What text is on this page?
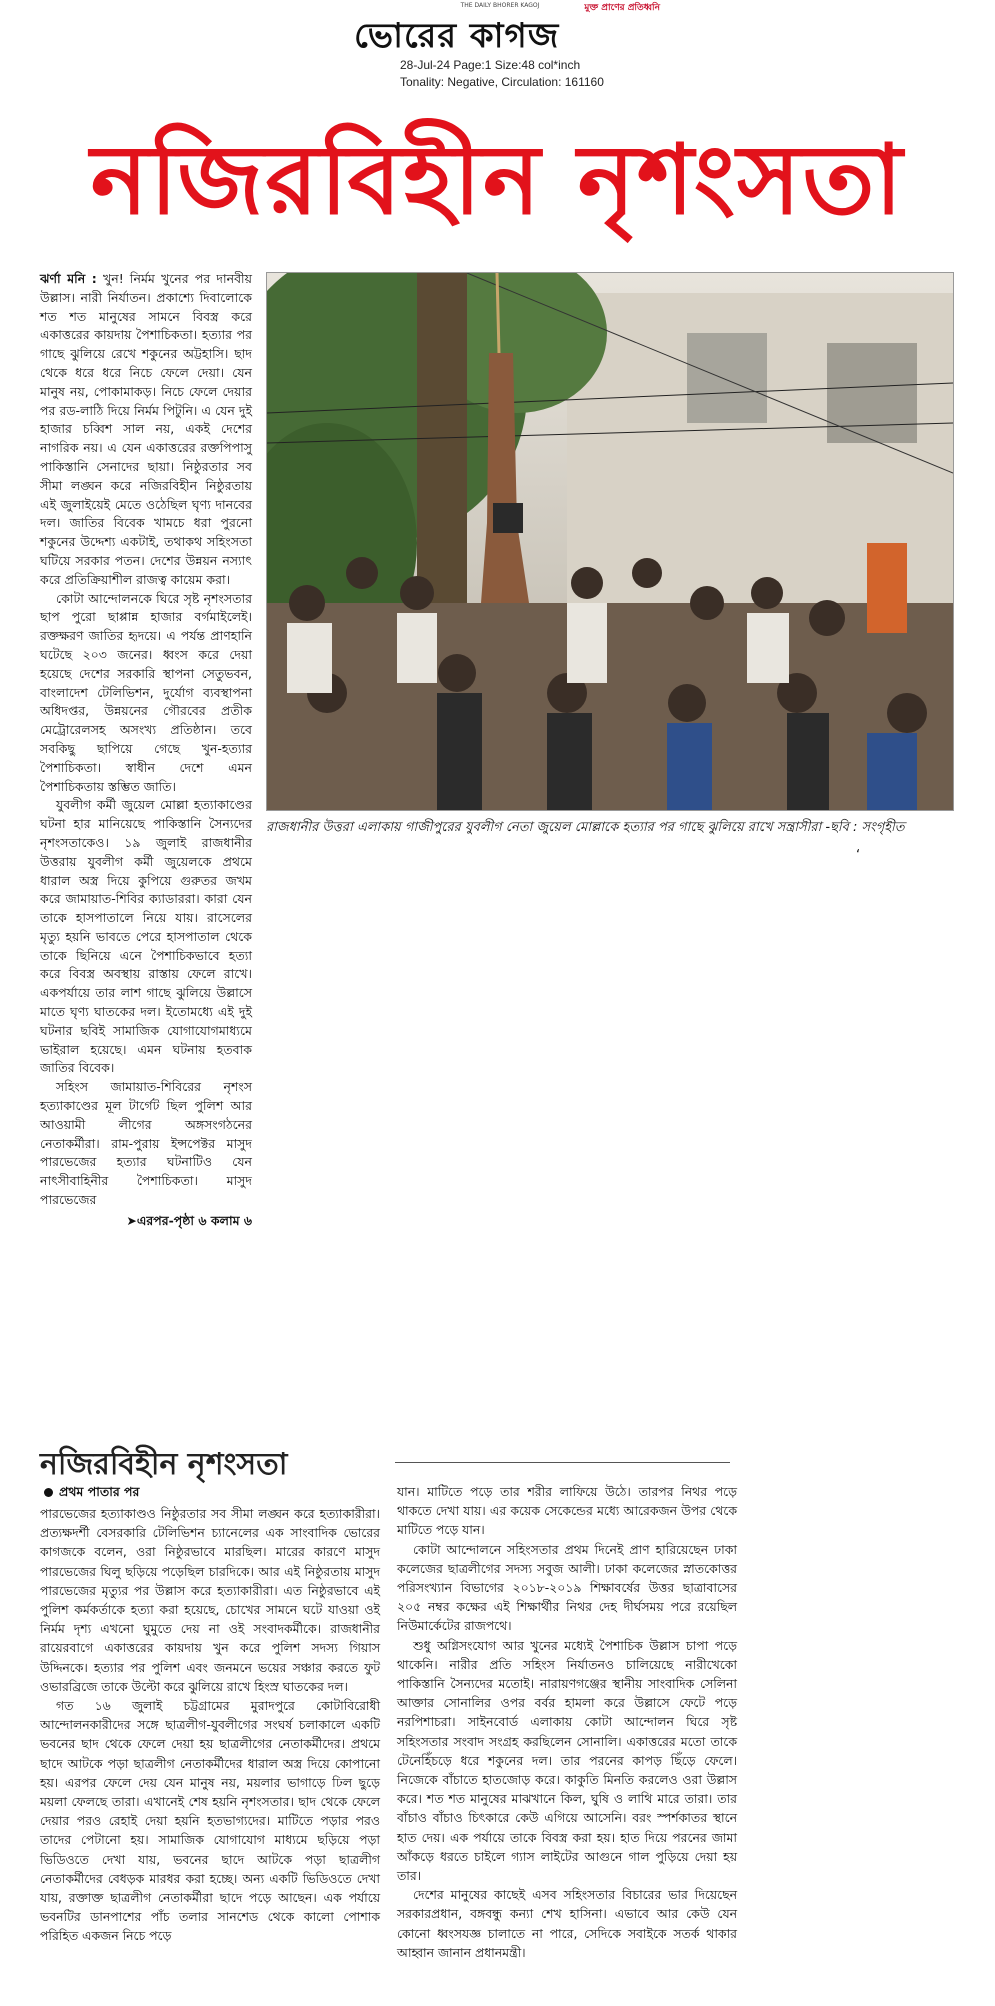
মুক্ত প্রাণের প্রতিধ্বনি
THE DAILY BHORER KAGOJ
ভোরের কাগজ
28-Jul-24 Page:1 Size:48 col*inch
Tonality: Negative, Circulation: 161160
নজিরবিহীন নৃশংসতা

ঝর্ণা মনি : খুন! নির্মম খুনের পর দানবীয় উল্লাস। নারী নির্যাতন। প্রকাশ্যে দিবালোকে শত শত মানুষের সামনে বিবস্ত্র করে একাত্তরের কায়দায় পৈশাচিকতা। হত্যার পর গাছে ঝুলিয়ে রেখে শকুনের অট্টহাসি। ছাদ থেকে ধরে ধরে নিচে ফেলে দেয়া। যেন মানুষ নয়, পোকামাকড়। নিচে ফেলে দেয়ার পর রড-লাঠি দিয়ে নির্মম পিটুনি। এ যেন দুই হাজার চব্বিশ সাল নয়, একই দেশের নাগরিক নয়। এ যেন একাত্তরের রক্তপিপাসু পাকিস্তানি সেনাদের ছায়া। নিষ্ঠুরতার সব সীমা লঙ্ঘন করে নজিরবিহীন নিষ্ঠুরতায় এই জুলাইয়েই মেতে ওঠেছিল ঘৃণ্য দানবের দল। জাতির বিবেক খামচে ধরা পুরনো শকুনের উদ্দেশ্য একটাই, তথাকথ সহিংসতা ঘটিয়ে সরকার পতন। দেশের উন্নয়ন নস্যাৎ করে প্রতিক্রিয়াশীল রাজত্ব কায়েম করা।

কোটা আন্দোলনকে ঘিরে সৃষ্ট নৃশংসতার ছাপ পুরো ছাপ্পান্ন হাজার বর্গমাইলেই। রক্তক্ষরণ জাতির হৃদয়ে। এ পর্যন্ত প্রাণহানি ঘটেছে ২০৩ জনের। ধ্বংস করে দেয়া হয়েছে দেশের সরকারি স্থাপনা সেতুভবন, বাংলাদেশ টেলিভিশন, দুর্যোগ ব্যবস্থাপনা অধিদপ্তর, উন্নয়নের গৌরবের প্রতীক মেট্রোরেলসহ অসংখ্য প্রতিষ্ঠান। তবে সবকিছু ছাপিয়ে গেছে খুন-হত্যার পৈশাচিকতা। স্বাধীন দেশে এমন পৈশাচিকতায় স্তম্ভিত জাতি।

যুবলীগ কর্মী জুয়েল মোল্লা হত্যাকাণ্ডের ঘটনা হার মানিয়েছে পাকিস্তানি সৈন্যদের নৃশংসতাকেও। ১৯ জুলাই রাজধানীর উত্তরায় যুবলীগ কর্মী জুয়েলকে প্রথমে ধারাল অস্ত্র দিয়ে কুপিয়ে গুরুতর জখম করে জামায়াত-শিবির ক্যাডাররা। কারা যেন তাকে হাসপাতালে নিয়ে যায়। রাসেলের মৃত্যু হয়নি ভাবতে পেরে হাসপাতাল থেকে তাকে ছিনিয়ে এনে পৈশাচিকভাবে হত্যা করে বিবস্ত্র অবস্থায় রাস্তায় ফেলে রাখে। একপর্যায়ে তার লাশ গাছে ঝুলিয়ে উল্লাসে মাতে ঘৃণ্য ঘাতকের দল। ইতোমধ্যে এই দুই ঘটনার ছবিই সামাজিক যোগাযোগমাধ্যমে ভাইরাল হয়েছে। এমন ঘটনায় হতবাক জাতির বিবেক।

সহিংস জামায়াত-শিবিরের নৃশংস হত্যাকাণ্ডের মূল টার্গেট ছিল পুলিশ আর আওয়ামী লীগের অঙ্গসংগঠনের নেতাকর্মীরা। রাম-পুরায় ইন্সপেক্টর মাসুদ পারভেজের হত্যার ঘটনাটিও যেন নাৎসীবাহিনীর পৈশাচিকতা। মাসুদ পারভেজের

➤এরপর-পৃষ্ঠা ৬ কলাম ৬
রাজধানীর উত্তরা এলাকায় গাজীপুরের যুবলীগ নেতা জুয়েল মোল্লাকে হত্যার পর গাছে ঝুলিয়ে রাখে সন্ত্রাসীরা -ছবি : সংগৃহীত
‘
নজিরবিহীন নৃশংসতা
প্রথম পাতার পর

পারভেজের হত্যাকাণ্ডও নিষ্ঠুরতার সব সীমা লঙ্ঘন করে হত্যাকারীরা। প্রত্যক্ষদর্শী বেসরকারি টেলিভিশন চ্যানেলের এক সাংবাদিক ভোরের কাগজকে বলেন, ওরা নিষ্ঠুরভাবে মারছিল। মারের কারণে মাসুদ পারভেজের ঘিলু ছড়িয়ে পড়েছিল চারদিকে। আর এই নিষ্ঠুরতায় মাসুদ পারভেজের মৃত্যুর পর উল্লাস করে হত্যাকারীরা। এত নিষ্ঠুরভাবে এই পুলিশ কর্মকর্তাকে হত্যা করা হয়েছে, চোখের সামনে ঘটে যাওয়া ওই নির্মম দৃশ্য এখনো ঘুমুতে দেয় না ওই সংবাদকর্মীকে। রাজধানীর রায়েরবাগে একাত্তরের কায়দায় খুন করে পুলিশ সদস্য গিয়াস উদ্দিনকে। হত্যার পর পুলিশ এবং জনমনে ভয়ের সঞ্চার করতে ফুট ওভারব্রিজে তাকে উল্টো করে ঝুলিয়ে রাখে হিংস্র ঘাতকের দল।

গত ১৬ জুলাই চট্টগ্রামের মুরাদপুরে কোটাবিরোধী আন্দোলনকারীদের সঙ্গে ছাত্রলীগ-যুবলীগের সংঘর্ষ চলাকালে একটি ভবনের ছাদ থেকে ফেলে দেয়া হয় ছাত্রলীগের নেতাকর্মীদের। প্রথমে ছাদে আটকে পড়া ছাত্রলীগ নেতাকর্মীদের ধারাল অস্ত্র দিয়ে কোপানো হয়। এরপর ফেলে দেয় যেন মানুষ নয়, ময়লার ভাগাড়ে ঢিল ছুড়ে ময়লা ফেলছে তারা। এখানেই শেষ হয়নি নৃশংসতার। ছাদ থেকে ফেলে দেয়ার পরও রেহাই দেয়া হয়নি হতভাগ্যদের। মাটিতে পড়ার পরও তাদের পেটানো হয়। সামাজিক যোগাযোগ মাধ্যমে ছড়িয়ে পড়া ভিডিওতে দেখা যায়, ভবনের ছাদে আটকে পড়া ছাত্রলীগ নেতাকর্মীদের বেধড়ক মারধর করা হচ্ছে। অন্য একটি ভিডিওতে দেখা যায়, রক্তাক্ত ছাত্রলীগ নেতাকর্মীরা ছাদে পড়ে আছেন। এক পর্যায়ে ভবনটির ডানপাশের পাঁচ তলার সানশেড থেকে কালো পোশাক পরিহিত একজন নিচে পড়ে

যান। মাটিতে পড়ে তার শরীর লাফিয়ে উঠে। তারপর নিথর পড়ে থাকতে দেখা যায়। এর কয়েক সেকেন্ডের মধ্যে আরেকজন উপর থেকে মাটিতে পড়ে যান।

কোটা আন্দোলনে সহিংসতার প্রথম দিনেই প্রাণ হারিয়েছেন ঢাকা কলেজের ছাত্রলীগের সদস্য সবুজ আলী। ঢাকা কলেজের স্নাতকোত্তর পরিসংখ্যান বিভাগের ২০১৮-২০১৯ শিক্ষাবর্ষের উত্তর ছাত্রাবাসের ২০৫ নম্বর কক্ষের এই শিক্ষার্থীর নিথর দেহ দীর্ঘসময় পরে রয়েছিল নিউমার্কেটের রাজপথে।

শুধু অগ্নিসংযোগ আর খুনের মধ্যেই পৈশাচিক উল্লাস চাপা পড়ে থাকেনি। নারীর প্রতি সহিংস নির্যাতনও চালিয়েছে নারীখেকো পাকিস্তানি সৈন্যদের মতোই। নারায়ণগঞ্জের স্থানীয় সাংবাদিক সেলিনা আক্তার সোনালির ওপর বর্বর হামলা করে উল্লাসে ফেটে পড়ে নরপিশাচরা। সাইনবোর্ড এলাকায় কোটা আন্দোলন ঘিরে সৃষ্ট সহিংসতার সংবাদ সংগ্রহ করছিলেন সোনালি। একাত্তরের মতো তাকে টেনেহিঁচড়ে ধরে শকুনের দল। তার পরনের কাপড় ছিঁড়ে ফেলে। নিজেকে বাঁচাতে হাতজোড় করে। কাকুতি মিনতি করলেও ওরা উল্লাস করে। শত শত মানুষের মাঝখানে কিল, ঘুষি ও লাথি মারে তারা। তার বাঁচাও বাঁচাও চিৎকারে কেউ এগিয়ে আসেনি। বরং স্পর্শকাতর স্থানে হাত দেয়। এক পর্যায়ে তাকে বিবস্ত্র করা হয়। হাত দিয়ে পরনের জামা আঁকড়ে ধরতে চাইলে গ্যাস লাইটের আগুনে গাল পুড়িয়ে দেয়া হয় তার।

দেশের মানুষের কাছেই এসব সহিংসতার বিচারের ভার দিয়েছেন সরকারপ্রধান, বঙ্গবন্ধু কন্যা শেখ হাসিনা। এভাবে আর কেউ যেন কোনো ধ্বংসযজ্ঞ চালাতে না পারে, সেদিকে সবাইকে সতর্ক থাকার আহ্বান জানান প্রধানমন্ত্রী।
